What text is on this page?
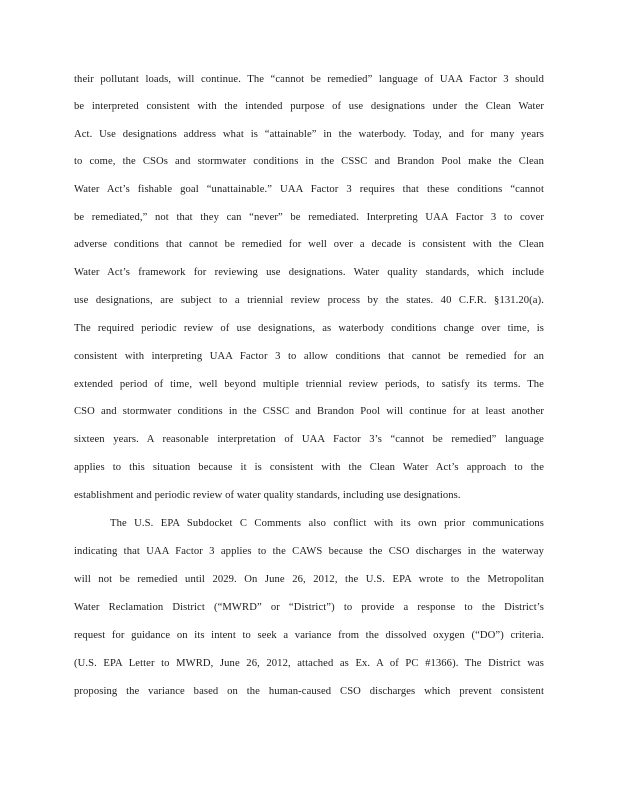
their pollutant loads, will continue. The “cannot be remedied” language of UAA Factor 3 should
be interpreted consistent with the intended purpose of use designations under the Clean Water
Act. Use designations address what is “attainable” in the waterbody. Today, and for many years
to come, the CSOs and stormwater conditions in the CSSC and Brandon Pool make the Clean
Water Act’s fishable goal “unattainable.” UAA Factor 3 requires that these conditions “cannot
be remediated,” not that they can “never” be remediated. Interpreting UAA Factor 3 to cover
adverse conditions that cannot be remedied for well over a decade is consistent with the Clean
Water Act’s framework for reviewing use designations. Water quality standards, which include
use designations, are subject to a triennial review process by the states. 40 C.F.R. §131.20(a).
The required periodic review of use designations, as waterbody conditions change over time, is
consistent with interpreting UAA Factor 3 to allow conditions that cannot be remedied for an
extended period of time, well beyond multiple triennial review periods, to satisfy its terms. The
CSO and stormwater conditions in the CSSC and Brandon Pool will continue for at least another
sixteen years. A reasonable interpretation of UAA Factor 3’s “cannot be remedied” language
applies to this situation because it is consistent with the Clean Water Act’s approach to the
establishment and periodic review of water quality standards, including use designations.
The U.S. EPA Subdocket C Comments also conflict with its own prior communications
indicating that UAA Factor 3 applies to the CAWS because the CSO discharges in the waterway
will not be remedied until 2029. On June 26, 2012, the U.S. EPA wrote to the Metropolitan
Water Reclamation District (“MWRD” or “District”) to provide a response to the District’s
request for guidance on its intent to seek a variance from the dissolved oxygen (“DO”) criteria.
(U.S. EPA Letter to MWRD, June 26, 2012, attached as Ex. A of PC #1366). The District was
proposing the variance based on the human-caused CSO discharges which prevent consistent
